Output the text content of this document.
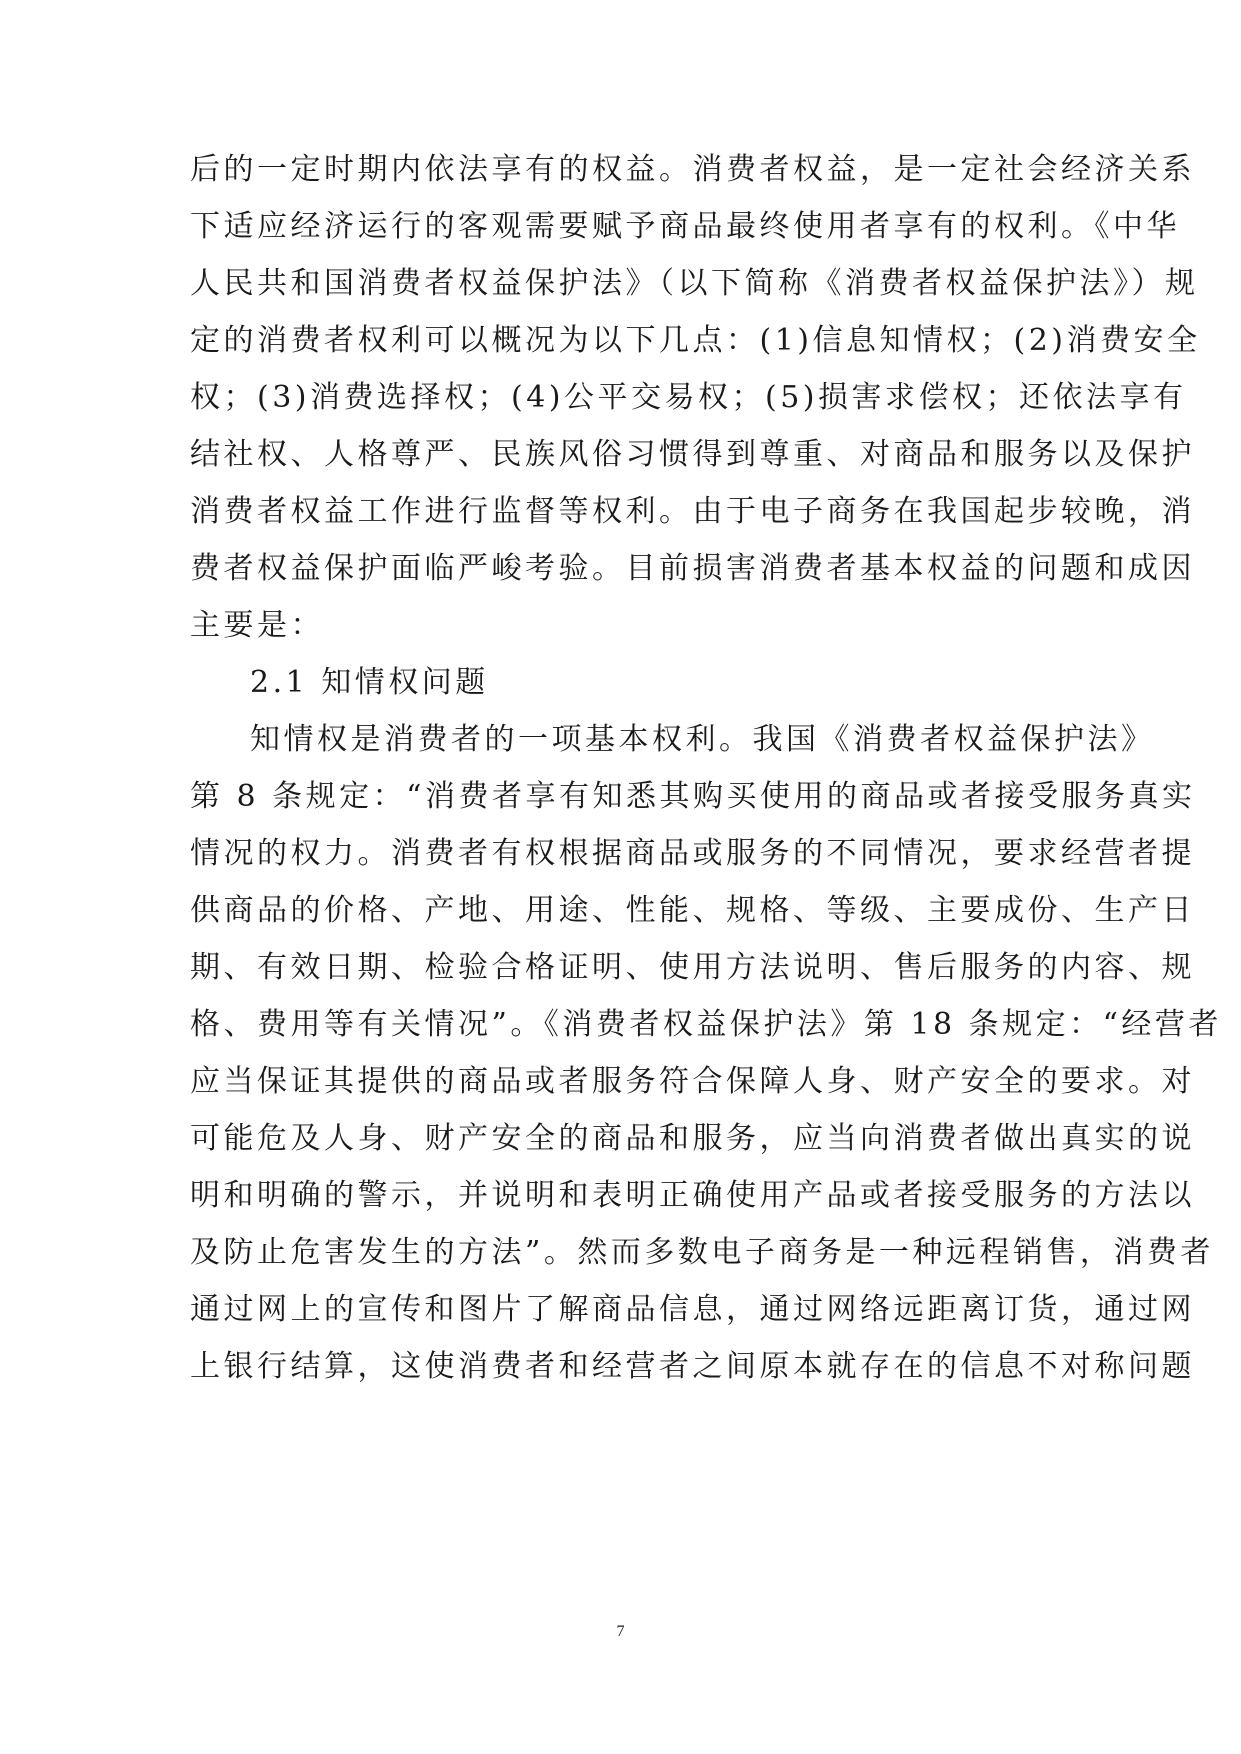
后的一定时期内依法享有的权益。消费者权益，是一定社会经济关系
下适应经济运行的客观需要赋予商品最终使用者享有的权利。《中华
人民共和国消费者权益保护法》（以下简称《消费者权益保护法》）规
定的消费者权利可以概况为以下几点：(1)信息知情权；(2)消费安全
权；(3)消费选择权；(4)公平交易权；(5)损害求偿权；还依法享有
结社权、人格尊严、民族风俗习惯得到尊重、对商品和服务以及保护
消费者权益工作进行监督等权利。由于电子商务在我国起步较晚，消
费者权益保护面临严峻考验。目前损害消费者基本权益的问题和成因
主要是：
2.1 知情权问题
知情权是消费者的一项基本权利。我国《消费者权益保护法》
第 8 条规定：“消费者享有知悉其购买使用的商品或者接受服务真实
情况的权力。消费者有权根据商品或服务的不同情况，要求经营者提
供商品的价格、产地、用途、性能、规格、等级、主要成份、生产日
期、有效日期、检验合格证明、使用方法说明、售后服务的内容、规
格、费用等有关情况”。《消费者权益保护法》第 18 条规定：“经营者
应当保证其提供的商品或者服务符合保障人身、财产安全的要求。对
可能危及人身、财产安全的商品和服务，应当向消费者做出真实的说
明和明确的警示，并说明和表明正确使用产品或者接受服务的方法以
及防止危害发生的方法”。然而多数电子商务是一种远程销售，消费者
通过网上的宣传和图片了解商品信息，通过网络远距离订货，通过网
上银行结算，这使消费者和经营者之间原本就存在的信息不对称问题
7
